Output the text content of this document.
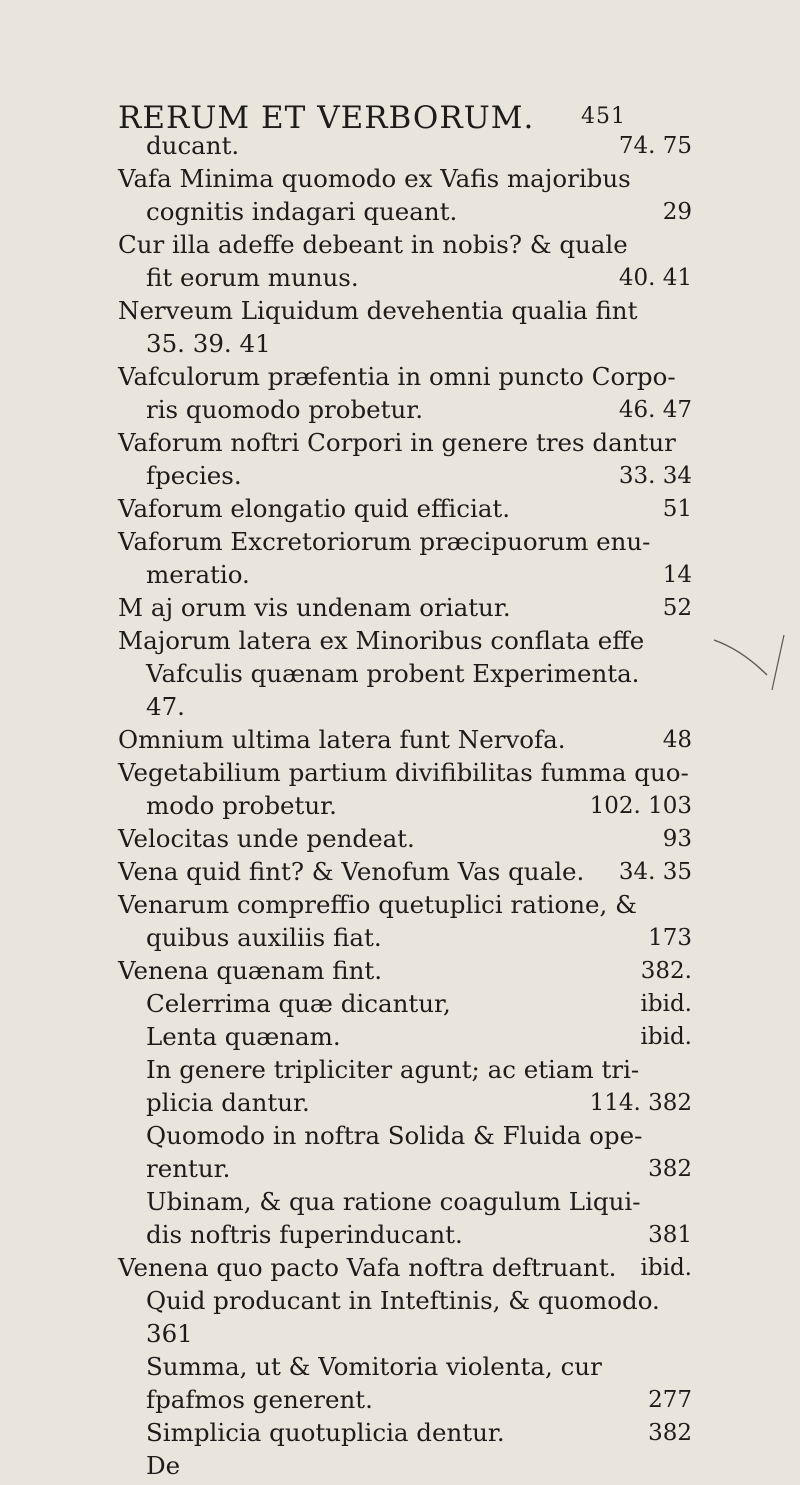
RERUM ET VERBORUM. 451
ducant.	74. 75
Vafa Minima quomodo ex Vafis majoribus
cognitis indagari queant.	29
Cur illa adeffe debeant in nobis? & quale
fit eorum munus.	40. 41
Nerveum Liquidum devehentia qualia fint
35. 39. 41
Vafculorum præfentia in omni puncto Corpo-
ris quomodo probetur.	46. 47
Vaforum noftri Corpori in genere tres dantur
fpecies.	33. 34
Vaforum elongatio quid efficiat.	51
Vaforum Excretoriorum præcipuorum enu-
meratio.	14
M aj orum vis undenam oriatur.	52
Majorum latera ex Minoribus conflata effe
Vafculis quænam probent Experimenta.
47.
Omnium ultima latera funt Nervofa.	48
Vegetabilium partium divifibilitas fumma quo-
modo probetur.	102. 103
Velocitas unde pendeat.	93
Vena quid fint? & Venofum Vas quale. 34. 35
Venarum compreffio quetuplici ratione, &
quibus auxiliis fiat.	173
Venena quænam fint.	382.
Celerrima quæ dicantur,	ibid.
Lenta quænam.	ibid.
In genere tripliciter agunt; ac etiam tri-
plicia dantur.	114. 382
Quomodo in noftra Solida & Fluida ope-
rentur.	382
Ubinam, & qua ratione coagulum Liqui-
dis noftris fuperinducant.	381
Venena quo pacto Vafa noftra deftruant. ibid.
Quid producant in Inteftinis, & quomodo.
361
Summa, ut & Vomitoria violenta, cur
fpafmos generent.	277
Simplicia quotuplicia dentur.	382
De
